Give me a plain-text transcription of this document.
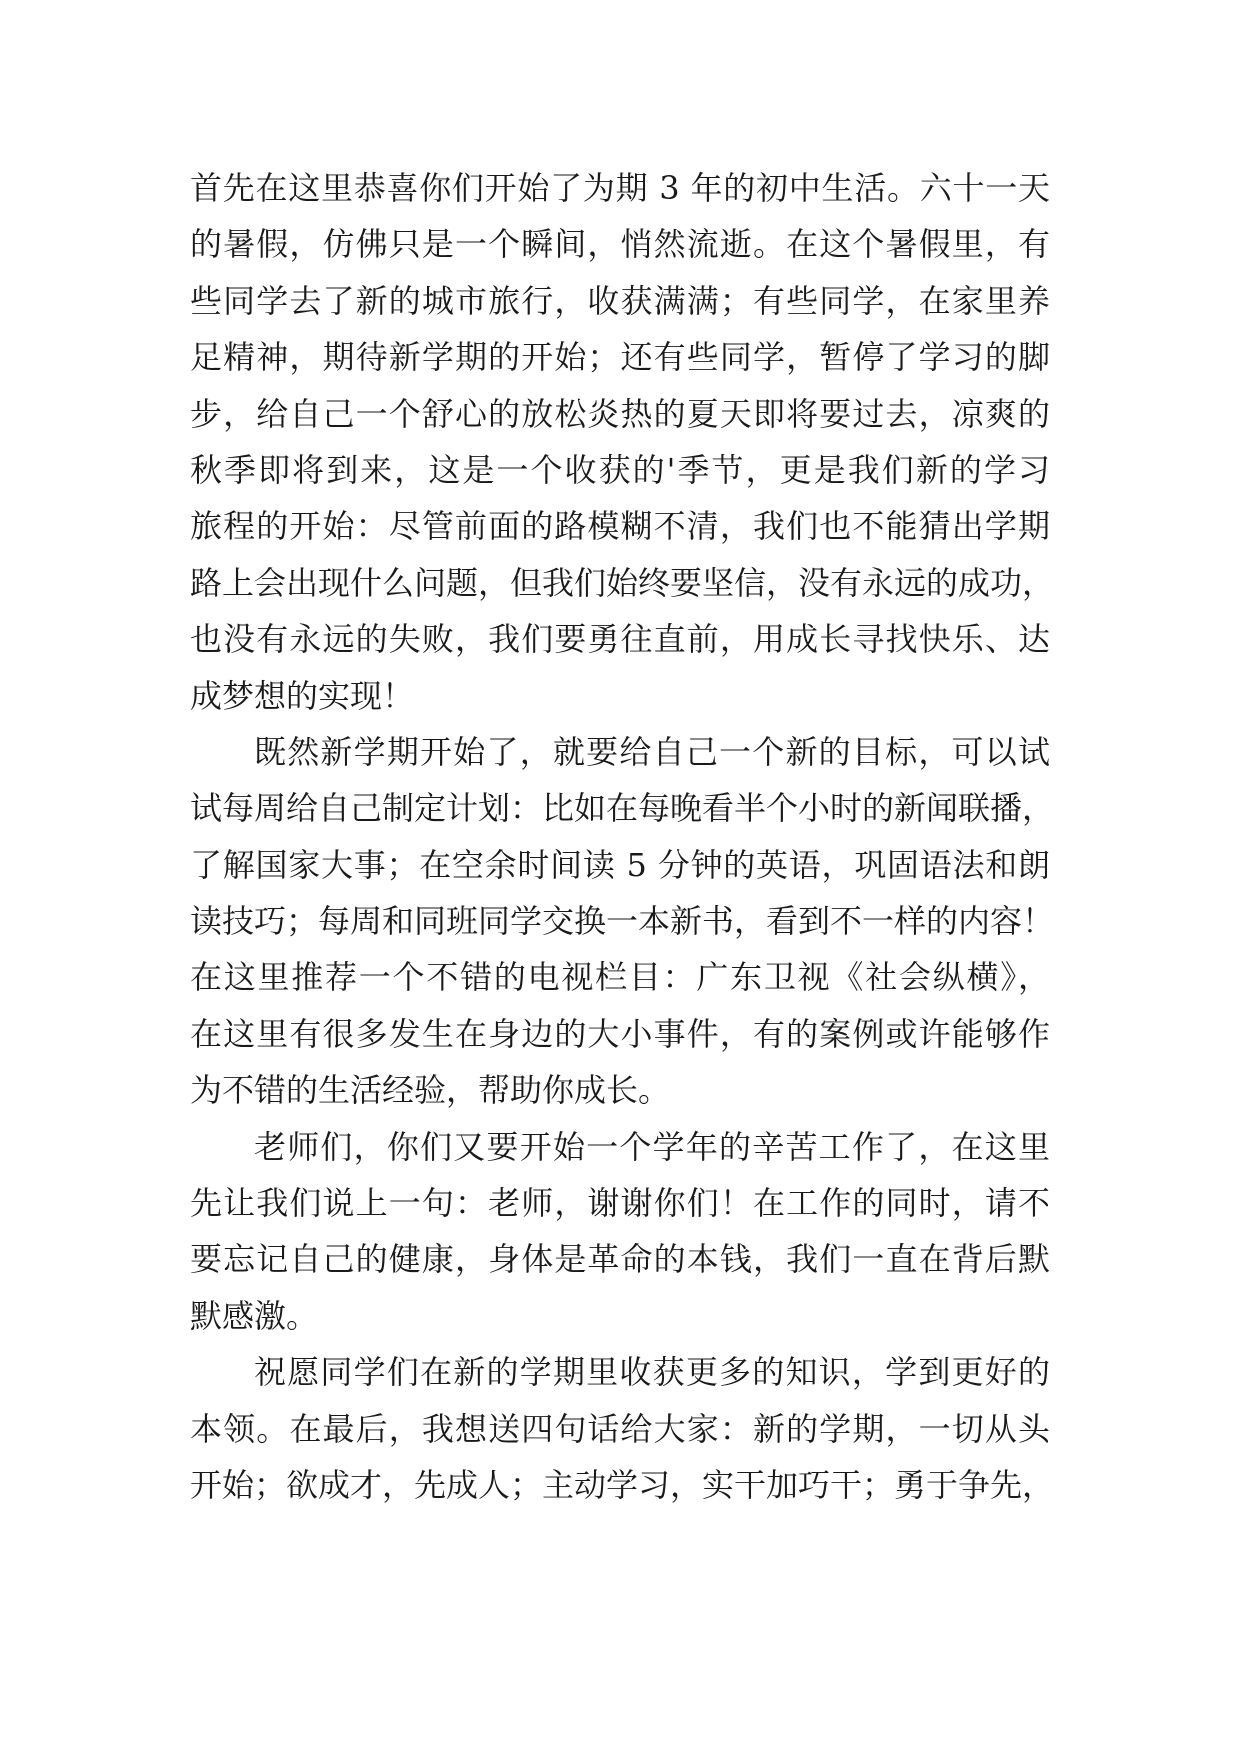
首先在这里恭喜你们开始了为期 3 年的初中生活。六十一天
的暑假，仿佛只是一个瞬间，悄然流逝。在这个暑假里，有
些同学去了新的城市旅行，收获满满；有些同学，在家里养
足精神，期待新学期的开始；还有些同学，暂停了学习的脚
步，给自己一个舒心的放松炎热的夏天即将要过去，凉爽的
秋季即将到来，这是一个收获的'季节，更是我们新的学习
旅程的开始：尽管前面的路模糊不清，我们也不能猜出学期
路上会出现什么问题，但我们始终要坚信，没有永远的成功，
也没有永远的失败，我们要勇往直前，用成长寻找快乐、达
成梦想的实现！
既然新学期开始了，就要给自己一个新的目标，可以试
试每周给自己制定计划：比如在每晚看半个小时的新闻联播，
了解国家大事；在空余时间读 5 分钟的英语，巩固语法和朗
读技巧；每周和同班同学交换一本新书，看到不一样的内容！
在这里推荐一个不错的电视栏目：广东卫视《社会纵横》，
在这里有很多发生在身边的大小事件，有的案例或许能够作
为不错的生活经验，帮助你成长。
老师们，你们又要开始一个学年的辛苦工作了，在这里
先让我们说上一句：老师，谢谢你们！在工作的同时，请不
要忘记自己的健康，身体是革命的本钱，我们一直在背后默
默感激。
祝愿同学们在新的学期里收获更多的知识，学到更好的
本领。在最后，我想送四句话给大家：新的学期，一切从头
开始；欲成才，先成人；主动学习，实干加巧干；勇于争先，
